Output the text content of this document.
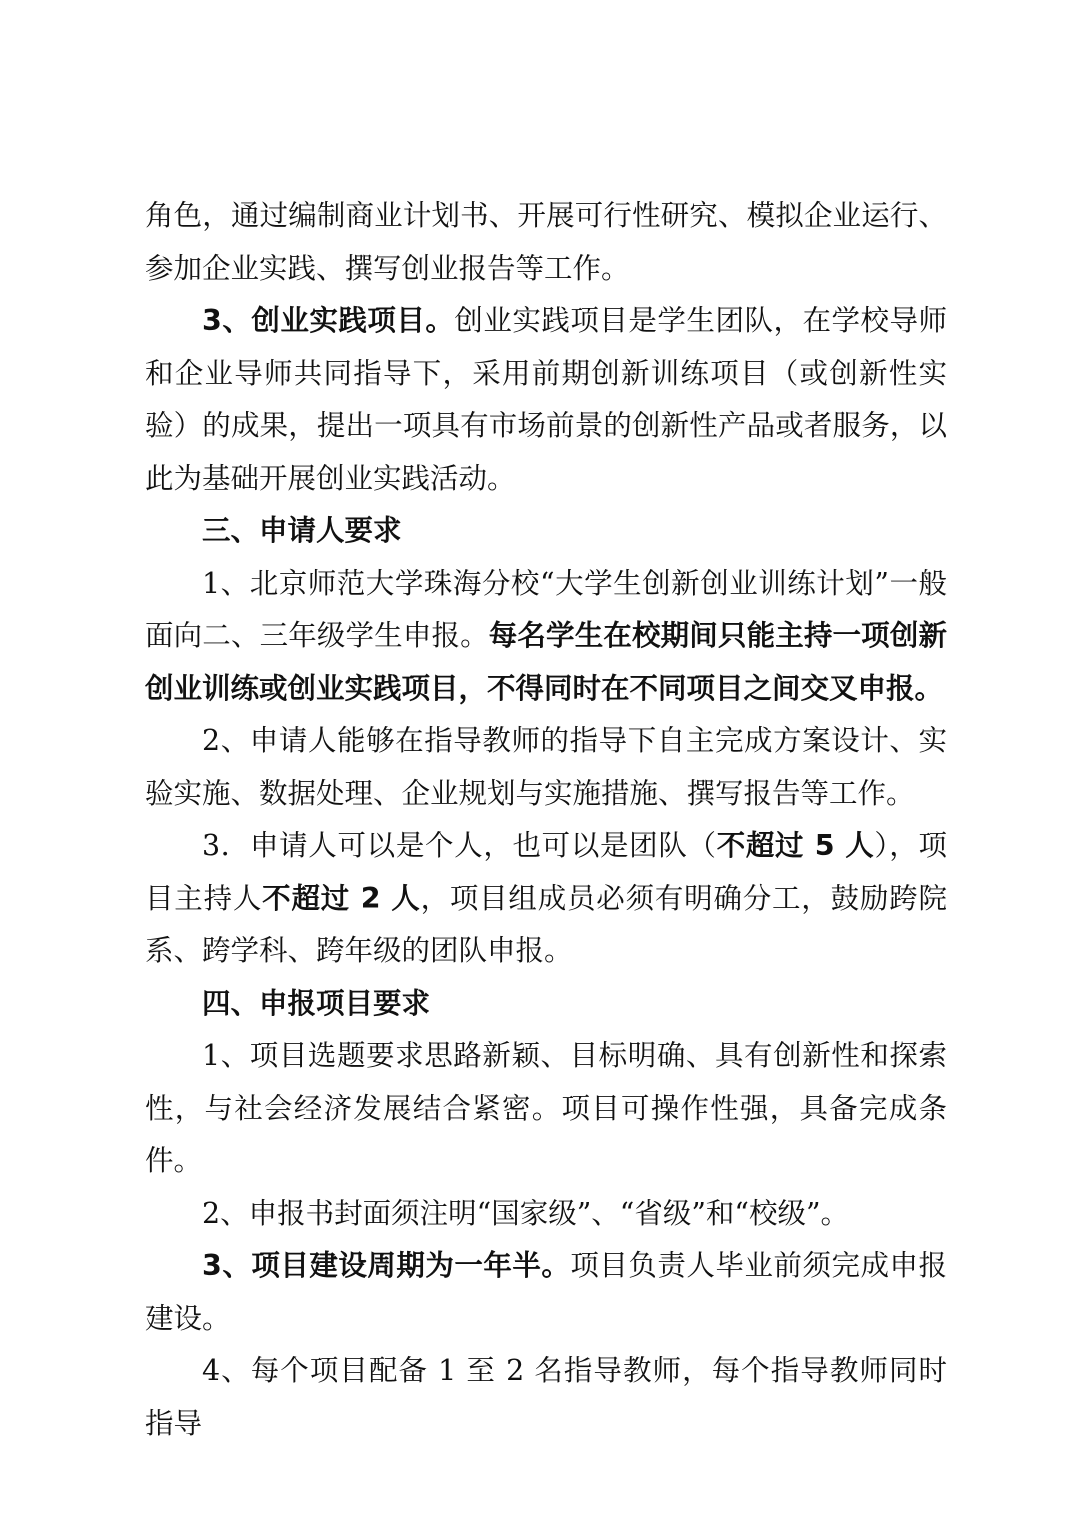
角色，通过编制商业计划书、开展可行性研究、模拟企业运行、参加企业实践、撰写创业报告等工作。

3、创业实践项目。创业实践项目是学生团队，在学校导师和企业导师共同指导下，采用前期创新训练项目（或创新性实验）的成果，提出一项具有市场前景的创新性产品或者服务，以此为基础开展创业实践活动。

三、申请人要求

1、北京师范大学珠海分校“大学生创新创业训练计划”一般面向二、三年级学生申报。每名学生在校期间只能主持一项创新创业训练或创业实践项目，不得同时在不同项目之间交叉申报。

2、申请人能够在指导教师的指导下自主完成方案设计、实验实施、数据处理、企业规划与实施措施、撰写报告等工作。

3．申请人可以是个人，也可以是团队（不超过 5 人），项目主持人不超过 2 人，项目组成员必须有明确分工，鼓励跨院系、跨学科、跨年级的团队申报。

四、申报项目要求

1、项目选题要求思路新颖、目标明确、具有创新性和探索性，与社会经济发展结合紧密。项目可操作性强，具备完成条件。

2、申报书封面须注明“国家级”、“省级”和“校级”。

3、项目建设周期为一年半。项目负责人毕业前须完成申报建设。

4、每个项目配备 1 至 2 名指导教师，每个指导教师同时指导
